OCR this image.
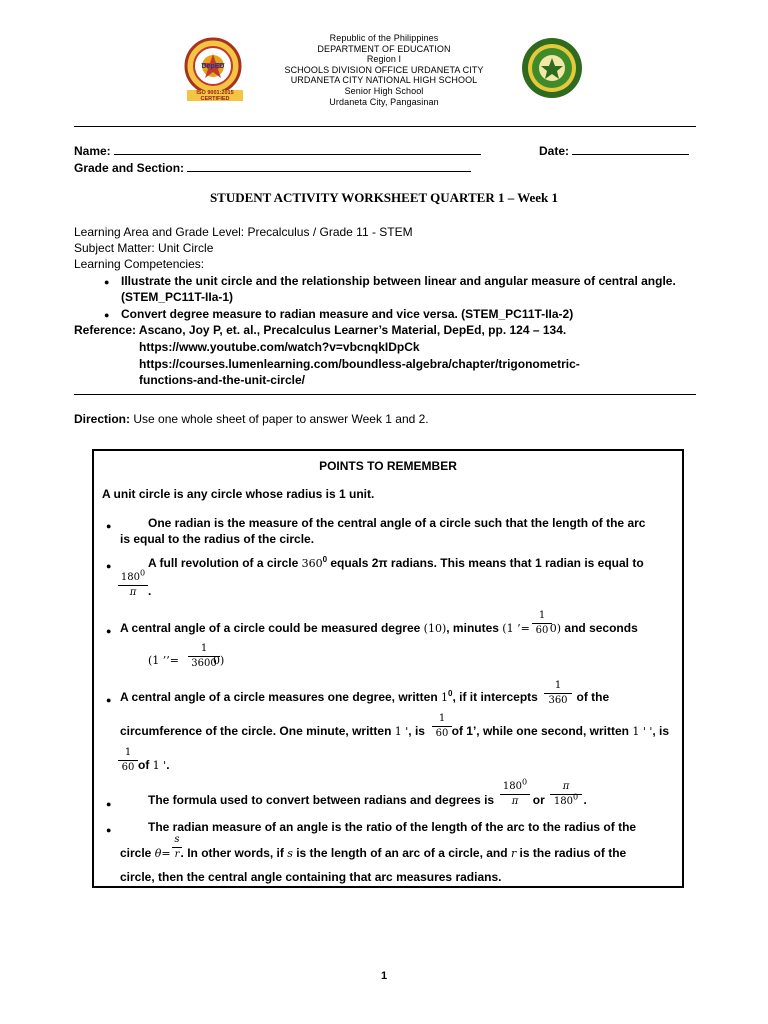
DepED
ISO 9001:2015 CERTIFIED
Republic of the Philippines
DEPARTMENT OF EDUCATION
Region I
SCHOOLS DIVISION OFFICE URDANETA CITY
URDANETA CITY NATIONAL HIGH SCHOOL
Senior High School
Urdaneta City, Pangasinan
Name:	Date:
Grade and Section:
STUDENT ACTIVITY WORKSHEET QUARTER 1 – Week 1
Learning Area and Grade Level: Precalculus / Grade 11 - STEM
Subject Matter: Unit Circle
Learning Competencies:
● Illustrate the unit circle and the relationship between linear and angular measure of central angle.
(STEM_PC11T-IIa-1)
● Convert degree measure to radian measure and vice versa. (STEM_PC11T-IIa-2)
Reference: Ascano, Joy P, et. al., Precalculus Learner’s Material, DepEd, pp. 124 – 134.
https://www.youtube.com/watch?v=vbcnqkIDpCk
https://courses.lumenlearning.com/boundless-algebra/chapter/trigonometric-
functions-and-the-unit-circle/
Direction: Use one whole sheet of paper to answer Week 1 and 2.
POINTS TO REMEMBER
A unit circle is any circle whose radius is 1 unit.
●	One radian is the measure of the central angle of a circle such that the length of the arc
is equal to the radius of the circle.
●	A full revolution of a circle $360^0$ equals 2π radians. This means that 1 radian is equal to
$180^0$
π .
● A central angle of a circle could be measured degree (10), minutes (1 ’= 0) and seconds
1
60
(1 ’’=	0)
1
3600
● A central angle of a circle measures one degree, written $1^0$, if it intercepts	of the
1
360
circumference of the circle. One minute, written 1 ', is  of 1’, while one second, written 1 ' ', is
1
60
1
60 of 1 '.
●	The formula used to convert between radians and degrees is	or	.
$180^0$
π
π
$180^0$
●	The radian measure of an angle is the ratio of the length of the arc to the radius of the
circle θ= . In other words, if s is the length of an arc of a circle, and r is the radius of the
s
r
circle, then the central angle containing that arc measures radians.
1
